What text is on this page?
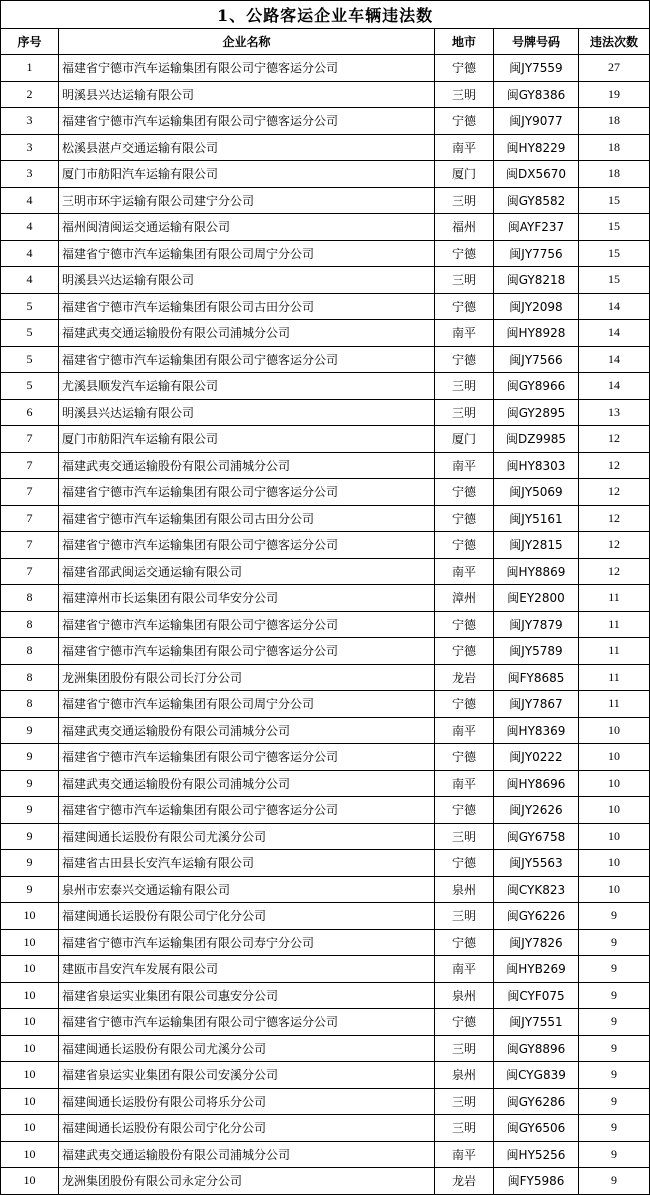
1、公路客运企业车辆违法数				
序号	企业名称	地市	号牌号码	违法次数
1	福建省宁德市汽车运输集团有限公司宁德客运分公司	宁德	闽JY7559	27
2	明溪县兴达运输有限公司	三明	闽GY8386	19
3	福建省宁德市汽车运输集团有限公司宁德客运分公司	宁德	闽JY9077	18
3	松溪县湛卢交通运输有限公司	南平	闽HY8229	18
3	厦门市舫阳汽车运输有限公司	厦门	闽DX5670	18
4	三明市环宇运输有限公司建宁分公司	三明	闽GY8582	15
4	福州闽清闽运交通运输有限公司	福州	闽AYF237	15
4	福建省宁德市汽车运输集团有限公司周宁分公司	宁德	闽JY7756	15
4	明溪县兴达运输有限公司	三明	闽GY8218	15
5	福建省宁德市汽车运输集团有限公司古田分公司	宁德	闽JY2098	14
5	福建武夷交通运输股份有限公司浦城分公司	南平	闽HY8928	14
5	福建省宁德市汽车运输集团有限公司宁德客运分公司	宁德	闽JY7566	14
5	尤溪县顺发汽车运输有限公司	三明	闽GY8966	14
6	明溪县兴达运输有限公司	三明	闽GY2895	13
7	厦门市舫阳汽车运输有限公司	厦门	闽DZ9985	12
7	福建武夷交通运输股份有限公司浦城分公司	南平	闽HY8303	12
7	福建省宁德市汽车运输集团有限公司宁德客运分公司	宁德	闽JY5069	12
7	福建省宁德市汽车运输集团有限公司古田分公司	宁德	闽JY5161	12
7	福建省宁德市汽车运输集团有限公司宁德客运分公司	宁德	闽JY2815	12
7	福建省邵武闽运交通运输有限公司	南平	闽HY8869	12
8	福建漳州市长运集团有限公司华安分公司	漳州	闽EY2800	11
8	福建省宁德市汽车运输集团有限公司宁德客运分公司	宁德	闽JY7879	11
8	福建省宁德市汽车运输集团有限公司宁德客运分公司	宁德	闽JY5789	11
8	龙洲集团股份有限公司长汀分公司	龙岩	闽FY8685	11
8	福建省宁德市汽车运输集团有限公司周宁分公司	宁德	闽JY7867	11
9	福建武夷交通运输股份有限公司浦城分公司	南平	闽HY8369	10
9	福建省宁德市汽车运输集团有限公司宁德客运分公司	宁德	闽JY0222	10
9	福建武夷交通运输股份有限公司浦城分公司	南平	闽HY8696	10
9	福建省宁德市汽车运输集团有限公司宁德客运分公司	宁德	闽JY2626	10
9	福建闽通长运股份有限公司尤溪分公司	三明	闽GY6758	10
9	福建省古田县长安汽车运输有限公司	宁德	闽JY5563	10
9	泉州市宏泰兴交通运输有限公司	泉州	闽CYK823	10
10	福建闽通长运股份有限公司宁化分公司	三明	闽GY6226	9
10	福建省宁德市汽车运输集团有限公司寿宁分公司	宁德	闽JY7826	9
10	建瓯市昌安汽车发展有限公司	南平	闽HYB269	9
10	福建省泉运实业集团有限公司惠安分公司	泉州	闽CYF075	9
10	福建省宁德市汽车运输集团有限公司宁德客运分公司	宁德	闽JY7551	9
10	福建闽通长运股份有限公司尤溪分公司	三明	闽GY8896	9
10	福建省泉运实业集团有限公司安溪分公司	泉州	闽CYG839	9
10	福建闽通长运股份有限公司将乐分公司	三明	闽GY6286	9
10	福建闽通长运股份有限公司宁化分公司	三明	闽GY6506	9
10	福建武夷交通运输股份有限公司浦城分公司	南平	闽HY5256	9
10	龙洲集团股份有限公司永定分公司	龙岩	闽FY5986	9
